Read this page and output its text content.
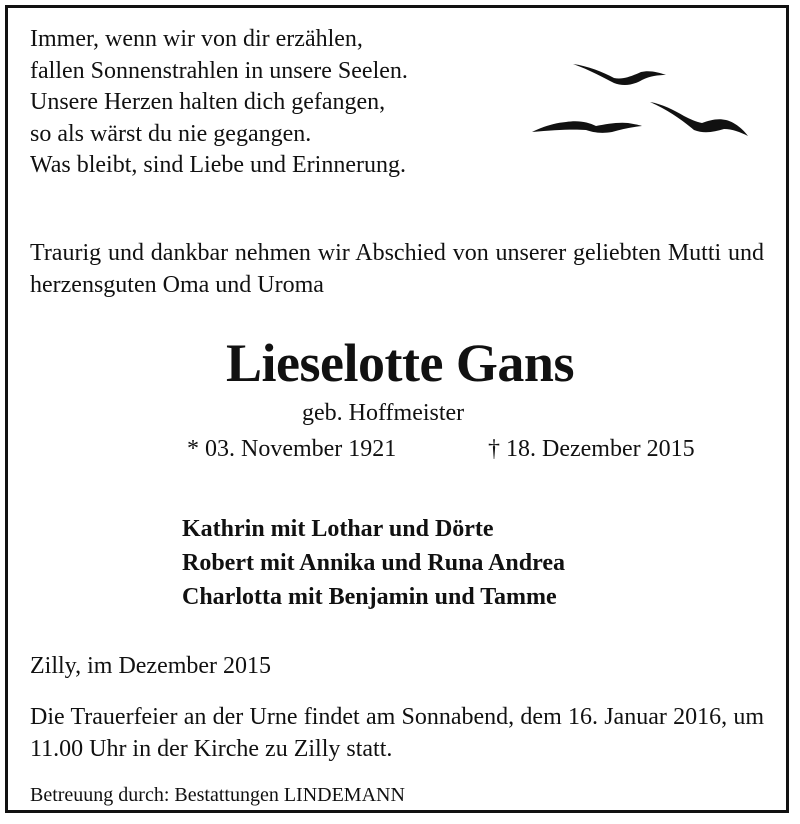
Immer, wenn wir von dir erzählen,
fallen Sonnenstrahlen in unsere Seelen.
Unsere Herzen halten dich gefangen,
so als wärst du nie gegangen.
Was bleibt, sind Liebe und Erinnerung.
Traurig und dankbar nehmen wir Abschied von unserer geliebten Mutti und herzensguten Oma und Uroma
Lieselotte Gans
geb. Hoffmeister
* 03. November 1921	† 18. Dezember 2015
Kathrin mit Lothar und Dörte
Robert mit Annika und Runa Andrea
Charlotta mit Benjamin und Tamme
Zilly, im Dezember 2015
Die Trauerfeier an der Urne findet am Sonnabend, dem 16. Januar 2016, um 11.00 Uhr in der Kirche zu Zilly statt.
Betreuung durch: Bestattungen LINDEMANN
